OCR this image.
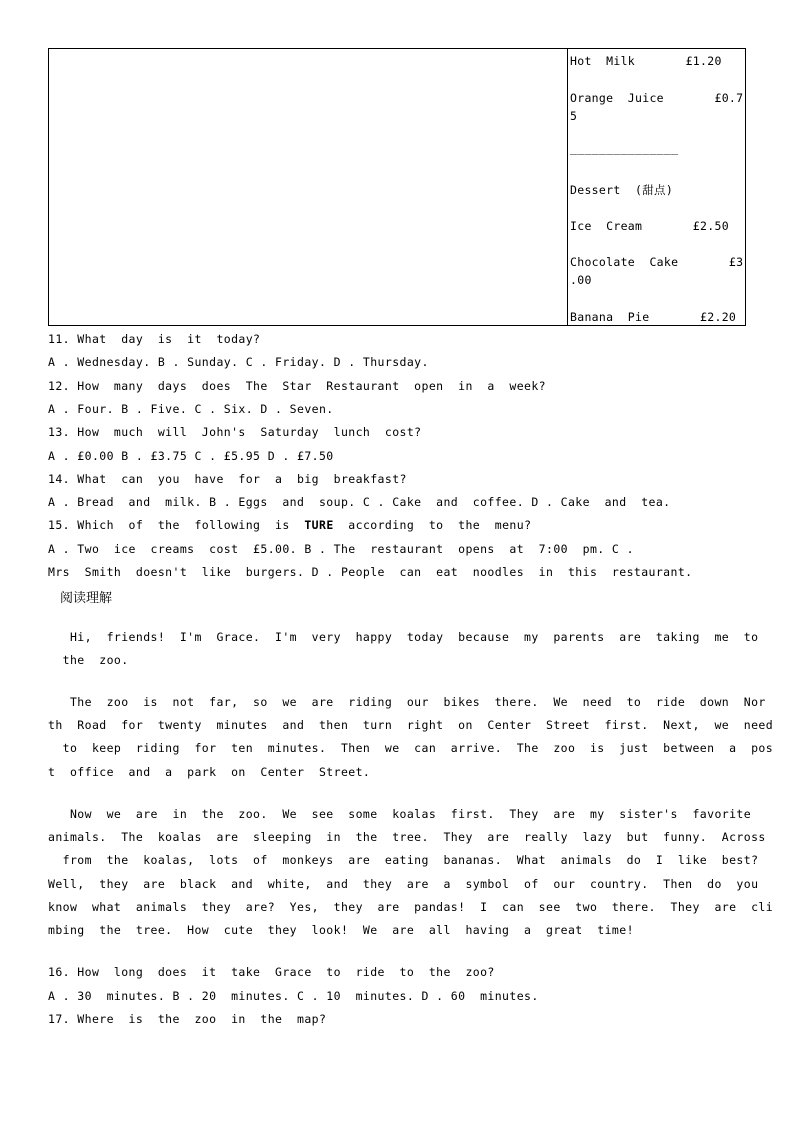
Hot  Milk       £1.20
Orange  Juice       £0.7
5
_______________
Dessert  (甜点)
Ice  Cream       £2.50
Chocolate  Cake       £3
.00
Banana  Pie       £2.20
11. What  day  is  it  today?
A . Wednesday. B . Sunday. C . Friday. D . Thursday.
12. How  many  days  does  The  Star  Restaurant  open  in  a  week?
A . Four. B . Five. C . Six. D . Seven.
13. How  much  will  John's  Saturday  lunch  cost?
A . £0.00 B . £3.75 C . £5.95 D . £7.50
14. What  can  you  have  for  a  big  breakfast?
A . Bread  and  milk. B . Eggs  and  soup. C . Cake  and  coffee. D . Cake  and  tea.
15. Which  of  the  following  is TURE according  to  the  menu?
A . Two  ice  creams  cost  £5.00. B . The  restaurant  opens  at  7:00  pm. C .
Mrs  Smith  doesn't  like  burgers. D . People  can  eat  noodles  in  this  restaurant.
阅读理解
Hi,  friends!  I'm  Grace.  I'm  very  happy  today  because  my  parents  are  taking  me  to
the  zoo.
The  zoo  is  not  far,  so  we  are  riding  our  bikes  there.  We  need  to  ride  down  Nor
th  Road  for  twenty  minutes  and  then  turn  right  on  Center  Street  first.  Next,  we  need
to  keep  riding  for  ten  minutes.  Then  we  can  arrive.  The  zoo  is  just  between  a  pos
t  office  and  a  park  on  Center  Street.
Now  we  are  in  the  zoo.  We  see  some  koalas  first.  They  are  my  sister's  favorite
animals.  The  koalas  are  sleeping  in  the  tree.  They  are  really  lazy  but  funny.  Across
from  the  koalas,  lots  of  monkeys  are  eating  bananas.  What  animals  do  I  like  best?
Well,  they  are  black  and  white,  and  they  are  a  symbol  of  our  country.  Then  do  you
know  what  animals  they  are?  Yes,  they  are  pandas!  I  can  see  two  there.  They  are  cli
mbing  the  tree.  How  cute  they  look!  We  are  all  having  a  great  time!
16. How  long  does  it  take  Grace  to  ride  to  the  zoo?
A . 30  minutes. B . 20  minutes. C . 10  minutes. D . 60  minutes.
17. Where  is  the  zoo  in  the  map?
